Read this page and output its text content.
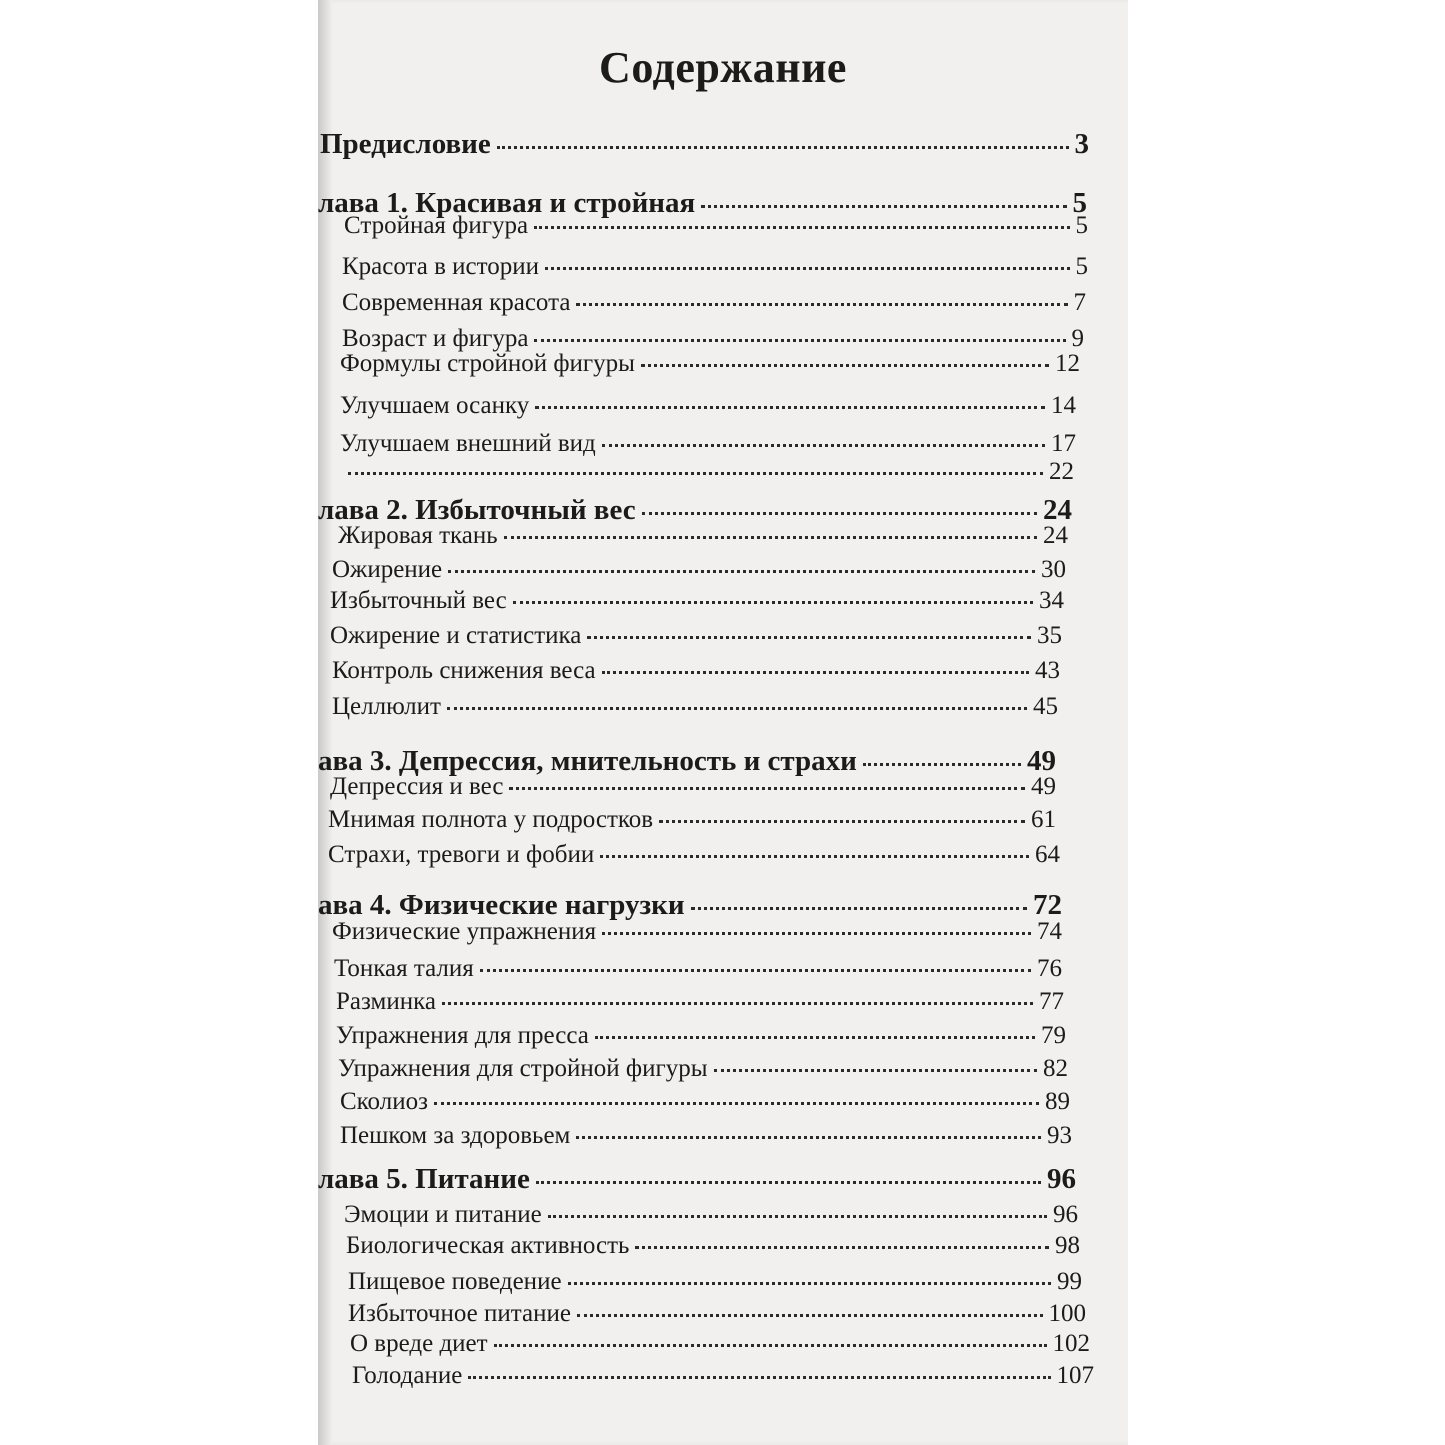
Содержание
Предисловие	3
лава 1. Красивая и стройная	5
Стройная фигура	5
Красота в истории	5
Современная красота	7
Возраст и фигура	9
Формулы стройной фигуры	12
Улучшаем осанку	14
Улучшаем внешний вид	17
22
лава 2. Избыточный вес	24
Жировая ткань	24
Ожирение	30
Избыточный вес	34
Ожирение и статистика	35
Контроль снижения веса	43
Целлюлит	45
ава 3. Депрессия, мнительность и страхи	49
Депрессия и вес	49
Мнимая полнота у подростков	61
Страхи, тревоги и фобии	64
ава 4. Физические нагрузки	72
Физические упражнения	74
Тонкая талия	76
Разминка	77
Упражнения для пресса	79
Упражнения для стройной фигуры	82
Сколиоз	89
Пешком за здоровьем	93
лава 5. Питание	96
Эмоции и питание	96
Биологическая активность	98
Пищевое поведение	99
Избыточное питание	100
О вреде диет	102
Голодание	107
